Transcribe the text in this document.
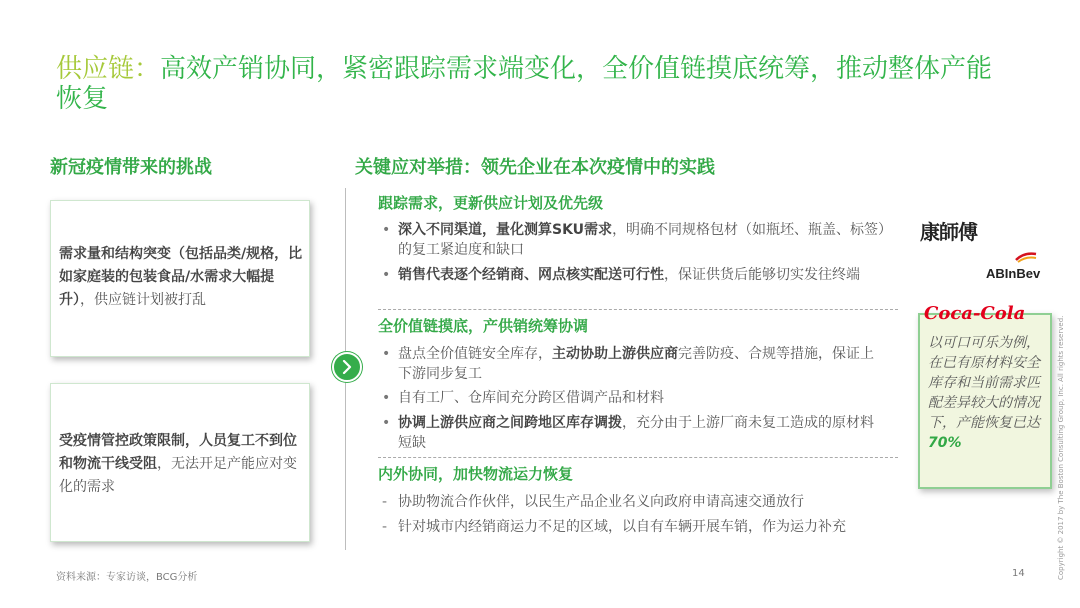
供应链：高效产销协同，紧密跟踪需求端变化，全价值链摸底统筹，推动整体产能恢复
新冠疫情带来的挑战
需求量和结构突变（包括品类/规格，比如家庭装的包装食品/水需求大幅提升），供应链计划被打乱
受疫情管控政策限制，人员复工不到位和物流干线受阻，无法开足产能应对变化的需求
关键应对举措：领先企业在本次疫情中的实践
跟踪需求，更新供应计划及优先级
• 深入不同渠道，量化测算SKU需求，明确不同规格包材（如瓶坯、瓶盖、标签）的复工紧迫度和缺口
• 销售代表逐个经销商、网点核实配送可行性，保证供货后能够切实发往终端
全价值链摸底，产供销统筹协调
• 盘点全价值链安全库存，主动协助上游供应商完善防疫、合规等措施，保证上下游同步复工
• 自有工厂、仓库间充分跨区借调产品和材料
• 协调上游供应商之间跨地区库存调拨，充分由于上游厂商未复工造成的原材料短缺
内外协同，加快物流运力恢复
- 协助物流合作伙伴，以民生产品企业名义向政府申请高速交通放行
- 针对城市内经销商运力不足的区域，以自有车辆开展车销，作为运力补充
康師傅
ABInBev
Coca-Cola
以可口可乐为例，在已有原材料安全库存和当前需求匹配差异较大的情况下，产能恢复已达70%
资料来源：专家访谈，BCG分析	14	Copyright © 2017 by The Boston Consulting Group, Inc. All rights reserved.
